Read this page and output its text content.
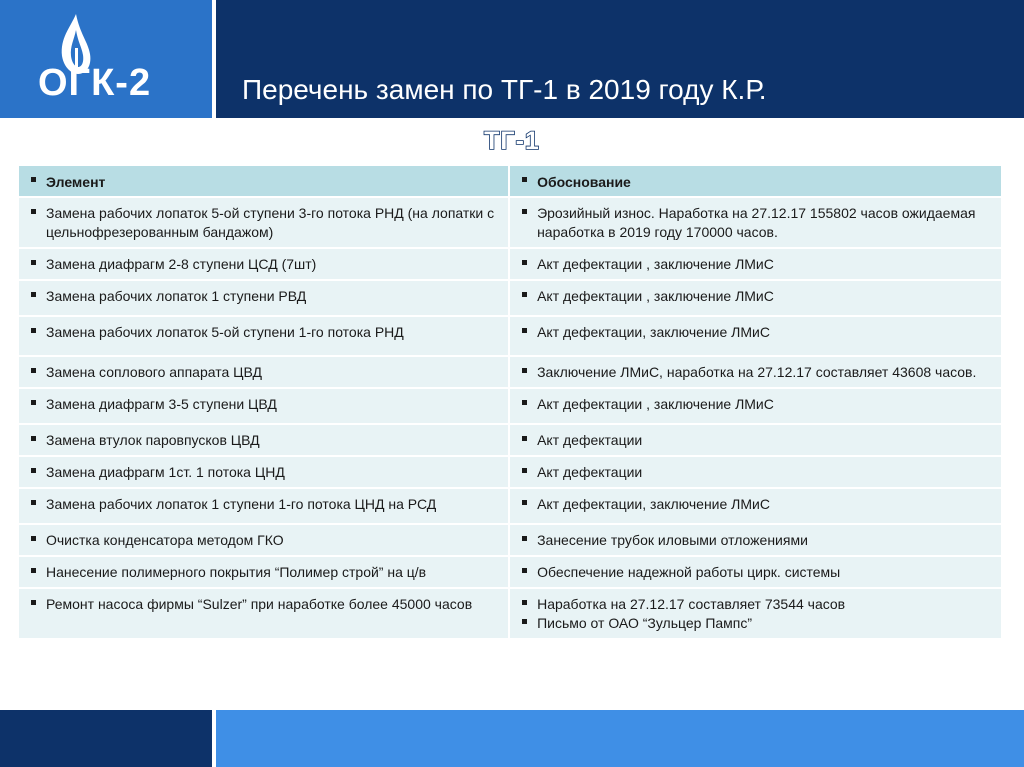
ОГК-2	Перечень замен по ТГ-1 в 2019 году К.Р.
ТГ-1
Элемент	Обоснование

Замена рабочих лопаток 5-ой ступени 3-го потока РНД (на лопатки с цельнофрезерованным бандажом)	Эрозийный износ. Наработка на 27.12.17 155802 часов ожидаемая наработка в 2019 году 170000 часов.

Замена диафрагм 2-8 ступени ЦСД (7шт)	Акт дефектации , заключение ЛМиС

Замена рабочих лопаток 1 ступени РВД	Акт дефектации , заключение ЛМиС

Замена рабочих лопаток 5-ой ступени 1-го потока РНД	Акт дефектации, заключение ЛМиС

Замена соплового аппарата ЦВД	Заключение ЛМиС, наработка на 27.12.17 составляет 43608 часов.

Замена диафрагм 3-5 ступени ЦВД	Акт дефектации , заключение ЛМиС

Замена втулок паровпусков ЦВД	Акт дефектации

Замена диафрагм 1ст. 1 потока ЦНД	Акт дефектации

Замена рабочих лопаток 1 ступени 1-го потока ЦНД на РСД	Акт дефектации, заключение ЛМиС

Очистка конденсатора методом ГКО	Занесение трубок иловыми отложениями

Нанесение полимерного покрытия “Полимер строй” на ц/в	Обеспечение надежной работы цирк. системы

Ремонт насоса фирмы “Sulzer” при наработке более 45000 часов	Наработка на 27.12.17 составляет 73544 часов
Письмо от ОАО “Зульцер Пампс”
